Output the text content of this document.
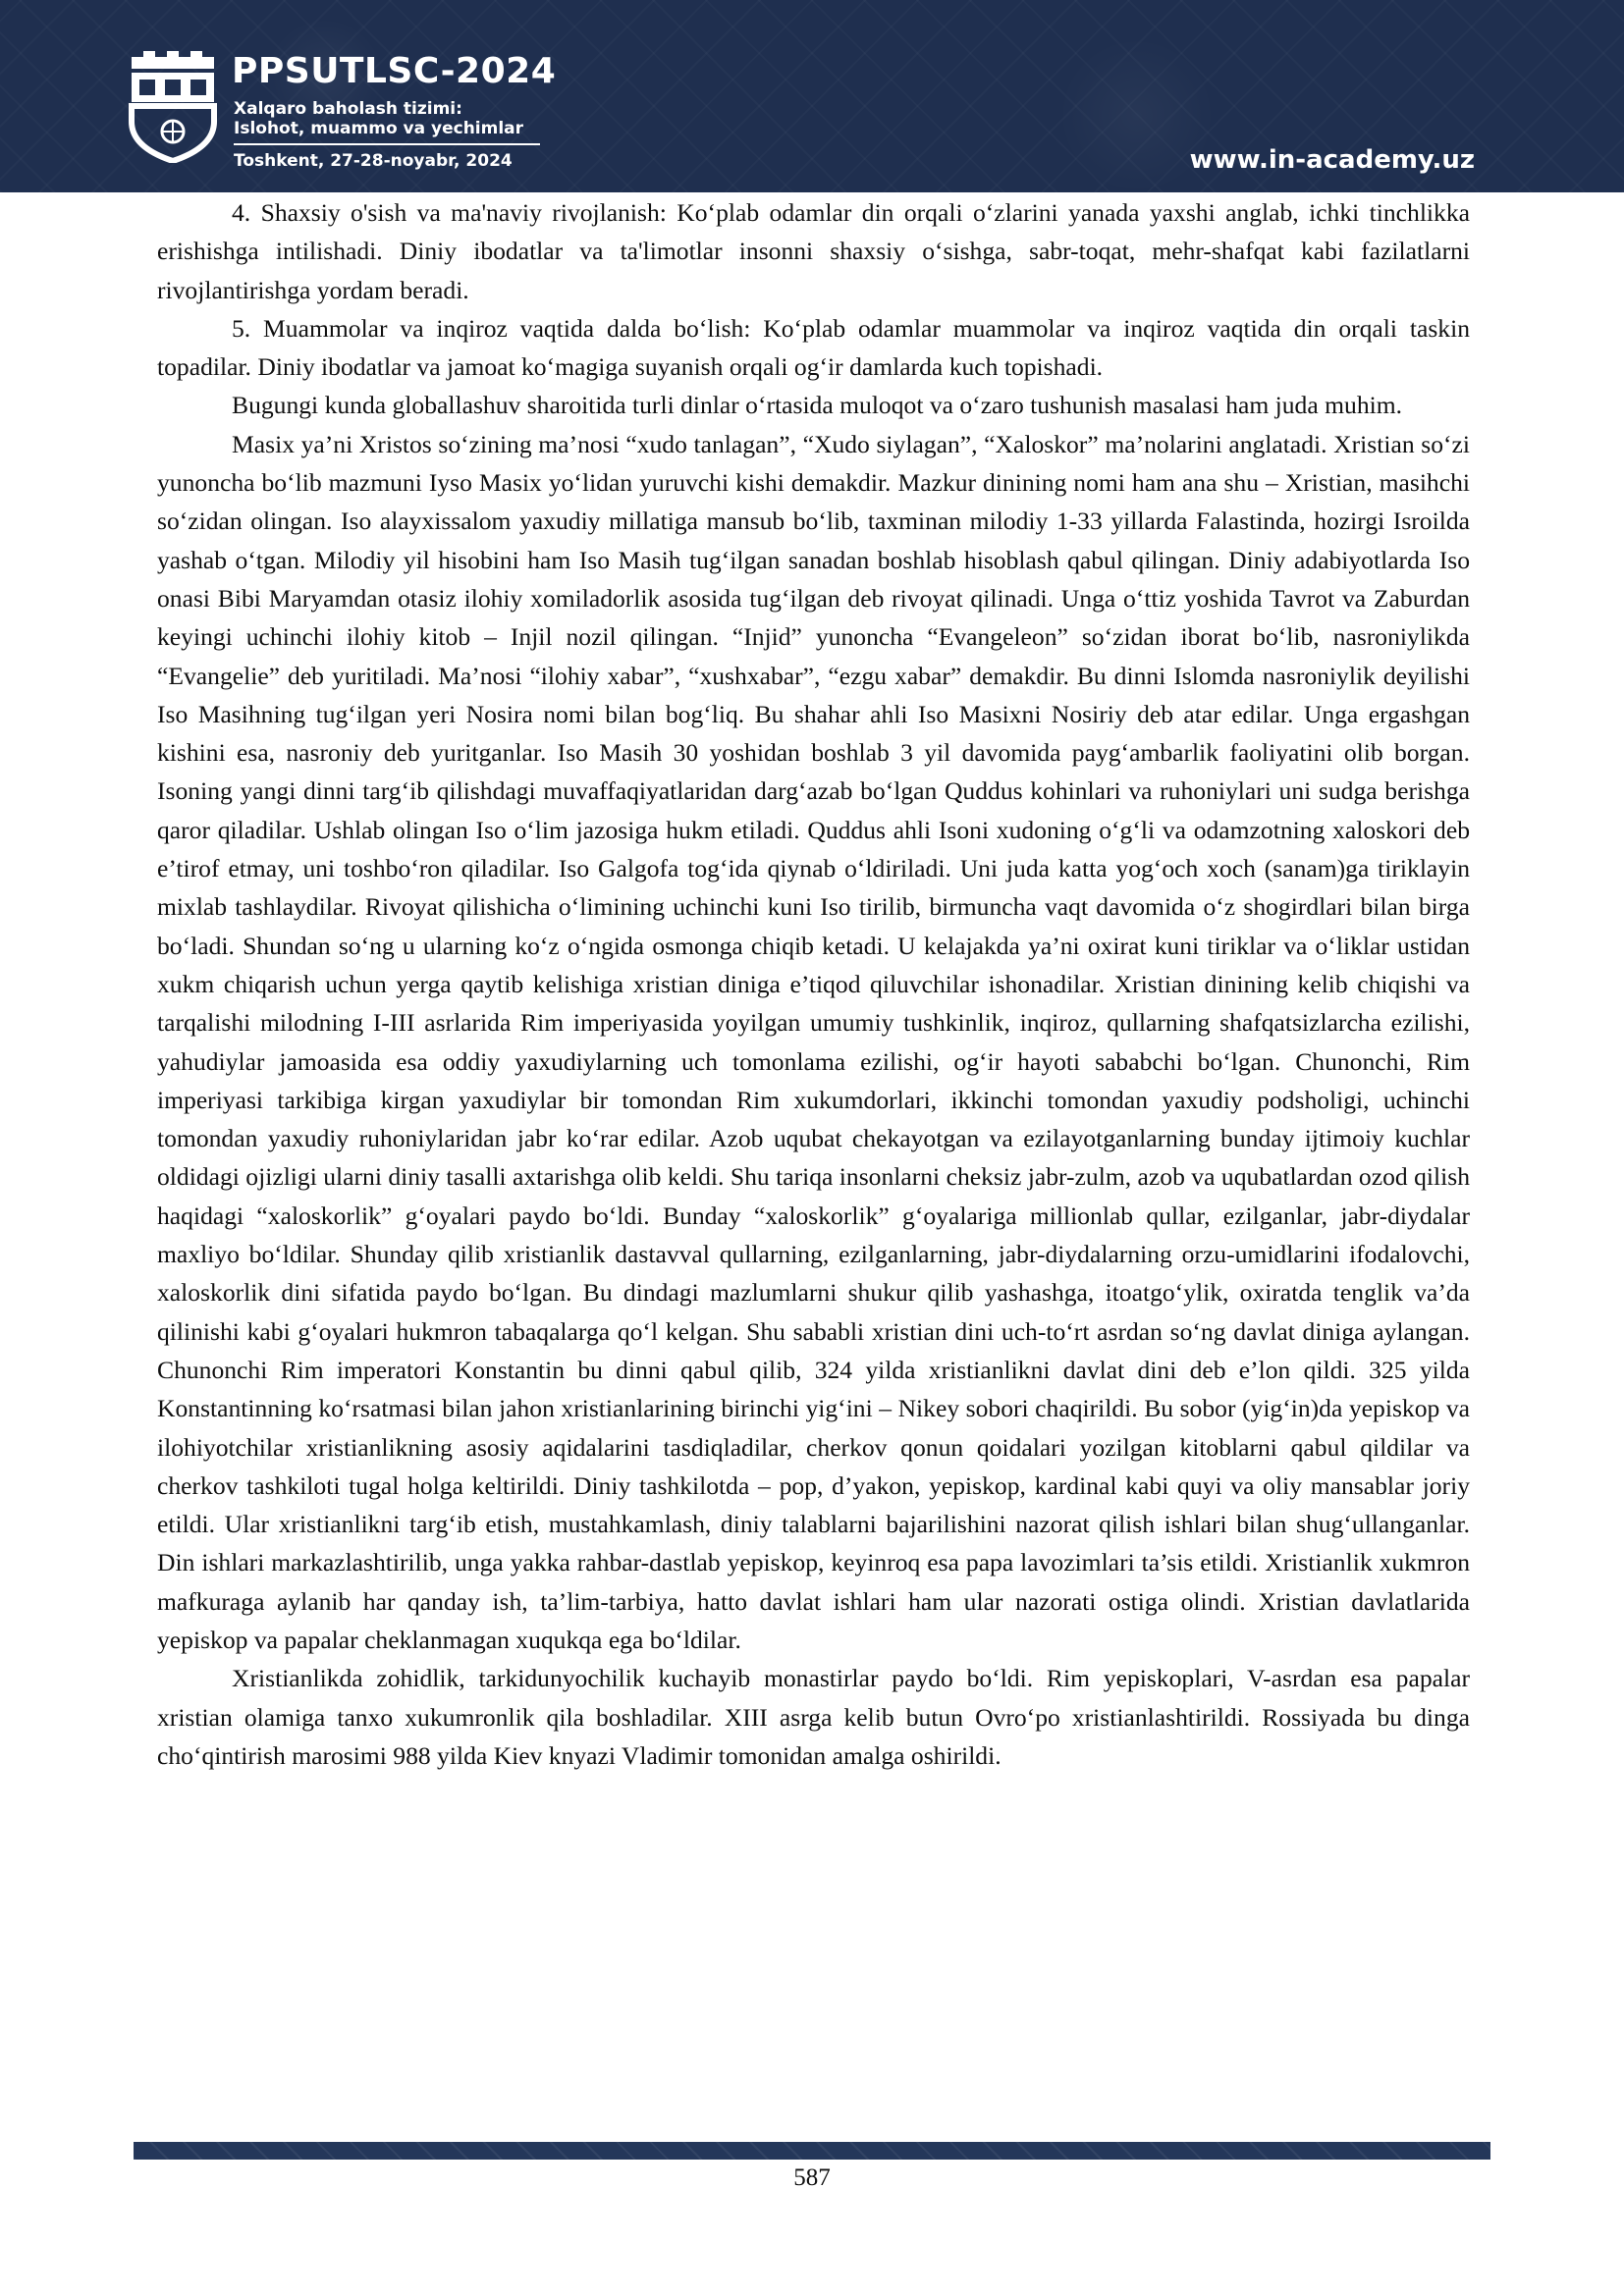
PPSUTLSC-2024
Xalqaro baholash tizimi:
Islohot, muammo va yechimlar
Toshkent, 27-28-noyabr, 2024	www.in-academy.uz

4. Shaxsiy o'sish va ma'naviy rivojlanish: Ko‘plab odamlar din orqali o‘zlarini yanada yaxshi anglab, ichki tinchlikka erishishga intilishadi. Diniy ibodatlar va ta'limotlar insonni shaxsiy o‘sishga, sabr-toqat, mehr-shafqat kabi fazilatlarni rivojlantirishga yordam beradi.

5. Muammolar va inqiroz vaqtida dalda bo‘lish: Ko‘plab odamlar muammolar va inqiroz vaqtida din orqali taskin topadilar. Diniy ibodatlar va jamoat ko‘magiga suyanish orqali og‘ir damlarda kuch topishadi.

Bugungi kunda globallashuv sharoitida turli dinlar o‘rtasida muloqot va o‘zaro tushunish masalasi ham juda muhim.

Masix ya’ni Xristos so‘zining ma’nosi “xudo tanlagan”, “Xudo siylagan”, “Xaloskor” ma’nolarini anglatadi. Xristian so‘zi yunoncha bo‘lib mazmuni Iyso Masix yo‘lidan yuruvchi kishi demakdir. Mazkur dinining nomi ham ana shu – Xristian, masihchi so‘zidan olingan. Iso alayxissalom yaxudiy millatiga mansub bo‘lib, taxminan milodiy 1-33 yillarda Falastinda, hozirgi Isroilda yashab o‘tgan. Milodiy yil hisobini ham Iso Masih tug‘ilgan sanadan boshlab hisoblash qabul qilingan. Diniy adabiyotlarda Iso onasi Bibi Maryamdan otasiz ilohiy xomiladorlik asosida tug‘ilgan deb rivoyat qilinadi. Unga o‘ttiz yoshida Tavrot va Zaburdan keyingi uchinchi ilohiy kitob – Injil nozil qilingan. “Injid” yunoncha “Evangeleon” so‘zidan iborat bo‘lib, nasroniylikda “Evangelie” deb yuritiladi. Ma’nosi “ilohiy xabar”, “xushxabar”, “ezgu xabar” demakdir. Bu dinni Islomda nasroniylik deyilishi Iso Masihning tug‘ilgan yeri Nosira nomi bilan bog‘liq. Bu shahar ahli Iso Masixni Nosiriy deb atar edilar. Unga ergashgan kishini esa, nasroniy deb yuritganlar. Iso Masih 30 yoshidan boshlab 3 yil davomida payg‘ambarlik faoliyatini olib borgan. Isoning yangi dinni targ‘ib qilishdagi muvaffaqiyatlaridan darg‘azab bo‘lgan Quddus kohinlari va ruhoniylari uni sudga berishga qaror qiladilar. Ushlab olingan Iso o‘lim jazosiga hukm etiladi. Quddus ahli Isoni xudoning o‘g‘li va odamzotning xaloskori deb e’tirof etmay, uni toshbo‘ron qiladilar. Iso Galgofa tog‘ida qiynab o‘ldiriladi. Uni juda katta yog‘och xoch (sanam)ga tiriklayin mixlab tashlaydilar. Rivoyat qilishicha o‘limining uchinchi kuni Iso tirilib, birmuncha vaqt davomida o‘z shogirdlari bilan birga bo‘ladi. Shundan so‘ng u ularning ko‘z o‘ngida osmonga chiqib ketadi. U kelajakda ya’ni oxirat kuni tiriklar va o‘liklar ustidan xukm chiqarish uchun yerga qaytib kelishiga xristian diniga e’tiqod qiluvchilar ishonadilar. Xristian dinining kelib chiqishi va tarqalishi milodning I-III asrlarida Rim imperiyasida yoyilgan umumiy tushkinlik, inqiroz, qullarning shafqatsizlarcha ezilishi, yahudiylar jamoasida esa oddiy yaxudiylarning uch tomonlama ezilishi, og‘ir hayoti sababchi bo‘lgan. Chunonchi, Rim imperiyasi tarkibiga kirgan yaxudiylar bir tomondan Rim xukumdorlari, ikkinchi tomondan yaxudiy podsholigi, uchinchi tomondan yaxudiy ruhoniylaridan jabr ko‘rar edilar. Azob uqubat chekayotgan va ezilayotganlarning bunday ijtimoiy kuchlar oldidagi ojizligi ularni diniy tasalli axtarishga olib keldi. Shu tariqa insonlarni cheksiz jabr-zulm, azob va uqubatlardan ozod qilish haqidagi “xaloskorlik” g‘oyalari paydo bo‘ldi. Bunday “xaloskorlik” g‘oyalariga millionlab qullar, ezilganlar, jabr-diydalar maxliyo bo‘ldilar. Shunday qilib xristianlik dastavval qullarning, ezilganlarning, jabr-diydalarning orzu-umidlarini ifodalovchi, xaloskorlik dini sifatida paydo bo‘lgan. Bu dindagi mazlumlarni shukur qilib yashashga, itoatgo‘ylik, oxiratda tenglik va’da qilinishi kabi g‘oyalari hukmron tabaqalarga qo‘l kelgan. Shu sababli xristian dini uch-to‘rt asrdan so‘ng davlat diniga aylangan. Chunonchi Rim imperatori Konstantin bu dinni qabul qilib, 324 yilda xristianlikni davlat dini deb e’lon qildi. 325 yilda Konstantinning ko‘rsatmasi bilan jahon xristianlarining birinchi yig‘ini – Nikey sobori chaqirildi. Bu sobor (yig‘in)da yepiskop va ilohiyotchilar xristianlikning asosiy aqidalarini tasdiqladilar, cherkov qonun qoidalari yozilgan kitoblarni qabul qildilar va cherkov tashkiloti tugal holga keltirildi. Diniy tashkilotda – pop, d’yakon, yepiskop, kardinal kabi quyi va oliy mansablar joriy etildi. Ular xristianlikni targ‘ib etish, mustahkamlash, diniy talablarni bajarilishini nazorat qilish ishlari bilan shug‘ullanganlar. Din ishlari markazlashtirilib, unga yakka rahbar-dastlab yepiskop, keyinroq esa papa lavozimlari ta’sis etildi. Xristianlik xukmron mafkuraga aylanib har qanday ish, ta’lim-tarbiya, hatto davlat ishlari ham ular nazorati ostiga olindi. Xristian davlatlarida yepiskop va papalar cheklanmagan xuqukqa ega bo‘ldilar.

Xristianlikda zohidlik, tarkidunyochilik kuchayib monastirlar paydo bo‘ldi. Rim yepiskoplari, V-asrdan esa papalar xristian olamiga tanxo xukumronlik qila boshladilar. XIII asrga kelib butun Ovro‘po xristianlashtirildi. Rossiyada bu dinga cho‘qintirish marosimi 988 yilda Kiev knyazi Vladimir tomonidan amalga oshirildi.

587
